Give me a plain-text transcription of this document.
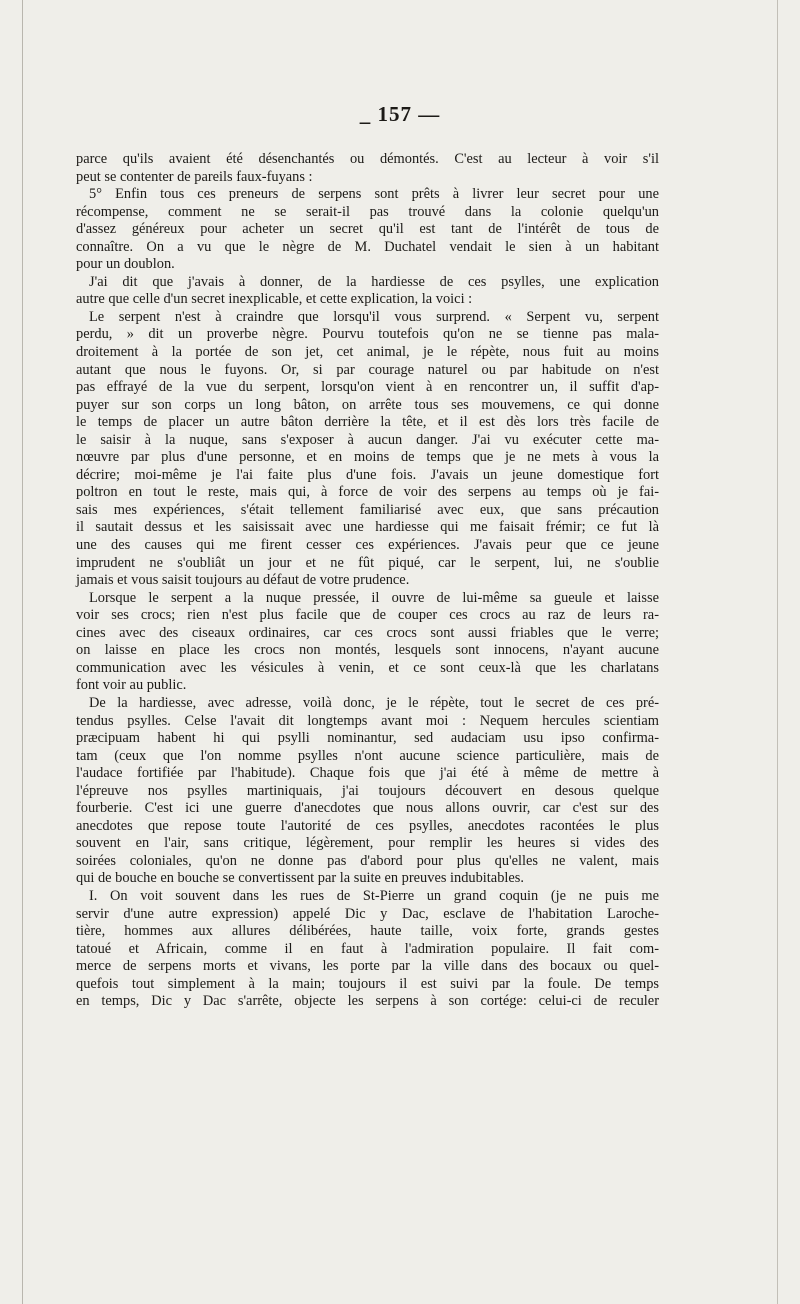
_ 157 —
parce qu'ils avaient été désenchantés ou démontés. C'est au lecteur à voir s'il
peut se contenter de pareils faux-fuyans :
5° Enfin tous ces preneurs de serpens sont prêts à livrer leur secret pour une
récompense, comment ne se serait-il pas trouvé dans la colonie quelqu'un
d'assez généreux pour acheter un secret qu'il est tant de l'intérêt de tous de
connaître. On a vu que le nègre de M. Duchatel vendait le sien à un habitant
pour un doublon.
J'ai dit que j'avais à donner, de la hardiesse de ces psylles, une explication
autre que celle d'un secret inexplicable, et cette explication, la voici :
Le serpent n'est à craindre que lorsqu'il vous surprend. « Serpent vu, serpent
perdu, » dit un proverbe nègre. Pourvu toutefois qu'on ne se tienne pas mala-
droitement à la portée de son jet, cet animal, je le répète, nous fuit au moins
autant que nous le fuyons. Or, si par courage naturel ou par habitude on n'est
pas effrayé de la vue du serpent, lorsqu'on vient à en rencontrer un, il suffit d'ap-
puyer sur son corps un long bâton, on arrête tous ses mouvemens, ce qui donne
le temps de placer un autre bâton derrière la tête, et il est dès lors très facile de
le saisir à la nuque, sans s'exposer à aucun danger. J'ai vu exécuter cette ma-
nœuvre par plus d'une personne, et en moins de temps que je ne mets à vous la
décrire; moi-même je l'ai faite plus d'une fois. J'avais un jeune domestique fort
poltron en tout le reste, mais qui, à force de voir des serpens au temps où je fai-
sais mes expériences, s'était tellement familiarisé avec eux, que sans précaution
il sautait dessus et les saisissait avec une hardiesse qui me faisait frémir; ce fut là
une des causes qui me firent cesser ces expériences. J'avais peur que ce jeune
imprudent ne s'oubliât un jour et ne fût piqué, car le serpent, lui, ne s'oublie
jamais et vous saisit toujours au défaut de votre prudence.
Lorsque le serpent a la nuque pressée, il ouvre de lui-même sa gueule et laisse
voir ses crocs; rien n'est plus facile que de couper ces crocs au raz de leurs ra-
cines avec des ciseaux ordinaires, car ces crocs sont aussi friables que le verre;
on laisse en place les crocs non montés, lesquels sont innocens, n'ayant aucune
communication avec les vésicules à venin, et ce sont ceux-là que les charlatans
font voir au public.
De la hardiesse, avec adresse, voilà donc, je le répète, tout le secret de ces pré-
tendus psylles. Celse l'avait dit longtemps avant moi : Nequem hercules scientiam
præcipuam habent hi qui psylli nominantur, sed audaciam usu ipso confirma-
tam (ceux que l'on nomme psylles n'ont aucune science particulière, mais de
l'audace fortifiée par l'habitude). Chaque fois que j'ai été à même de mettre à
l'épreuve nos psylles martiniquais, j'ai toujours découvert en desous quelque
fourberie. C'est ici une guerre d'anecdotes que nous allons ouvrir, car c'est sur des
anecdotes que repose toute l'autorité de ces psylles, anecdotes racontées le plus
souvent en l'air, sans critique, légèrement, pour remplir les heures si vides des
soirées coloniales, qu'on ne donne pas d'abord pour plus qu'elles ne valent, mais
qui de bouche en bouche se convertissent par la suite en preuves indubitables.
I. On voit souvent dans les rues de St-Pierre un grand coquin (je ne puis me
servir d'une autre expression) appelé Dic y Dac, esclave de l'habitation Laroche-
tière, hommes aux allures délibérées, haute taille, voix forte, grands gestes
tatoué et Africain, comme il en faut à l'admiration populaire. Il fait com-
merce de serpens morts et vivans, les porte par la ville dans des bocaux ou quel-
quefois tout simplement à la main; toujours il est suivi par la foule. De temps
en temps, Dic y Dac s'arrête, objecte les serpens à son cortége: celui-ci de reculer
